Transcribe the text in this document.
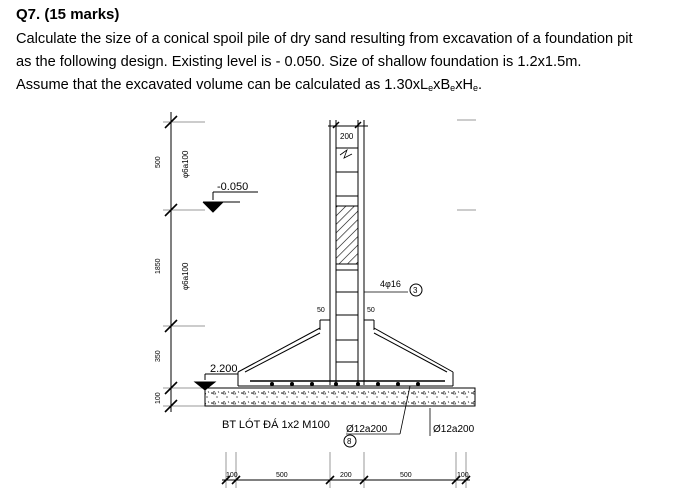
Q7. (15 marks)

Calculate the size of a conical spoil pile of dry sand resulting from excavation of a foundation pit

as the following design. Existing level is - 0.050. Size of shallow foundation is 1.2x1.5m.

Assume that the excavated volume can be calculated as $1.30xL_exB_exH_e$.

500
1850
350
100
φ6a100
φ6a100
-0.050
2.200
200
50	50
4φ16
3
BT LÓT ĐÁ 1x2 M100 Ø12a200
8
Ø12a200
100	500	200	500	100
